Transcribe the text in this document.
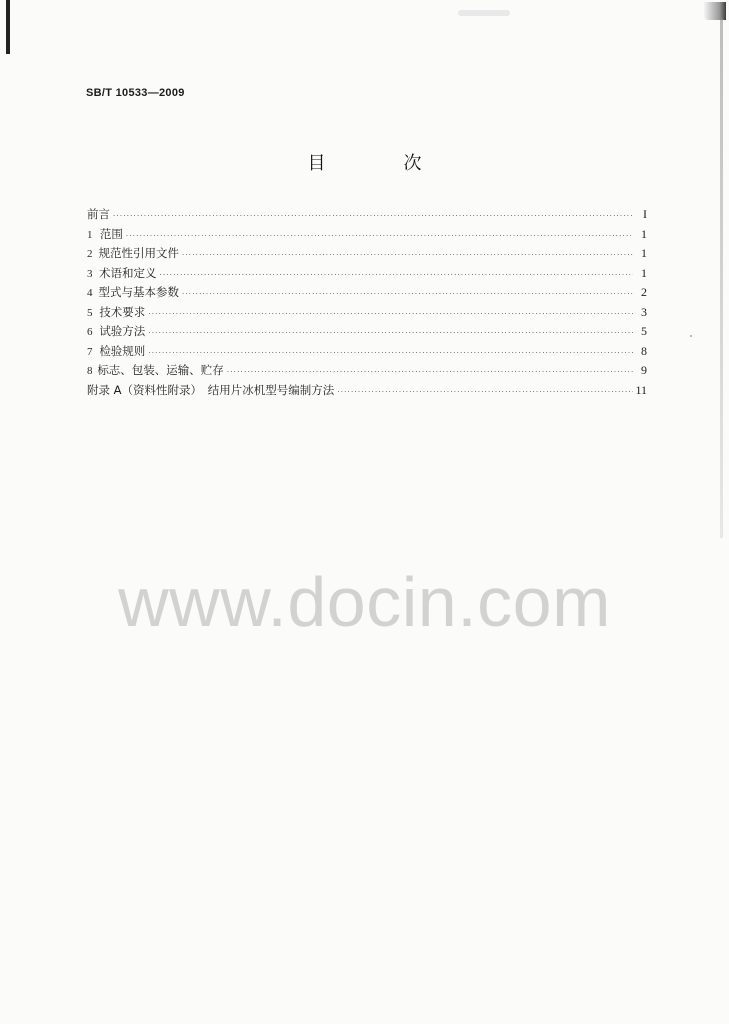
SB/T 10533—2009
目　次
前言 ·····	I
1 范围 ·····	1
2 规范性引用文件 ·····	1
3 术语和定义 ·····	1
4 型式与基本参数 ·····	2
5 技术要求 ·····	3
6 试验方法 ·····	5
7 检验规则 ·····	8
8 标志、包装、运输、贮存 ·····	9
附录 A（资料性附录）　结用片冰机型号编制方法 ·····	11
www.docin.com
